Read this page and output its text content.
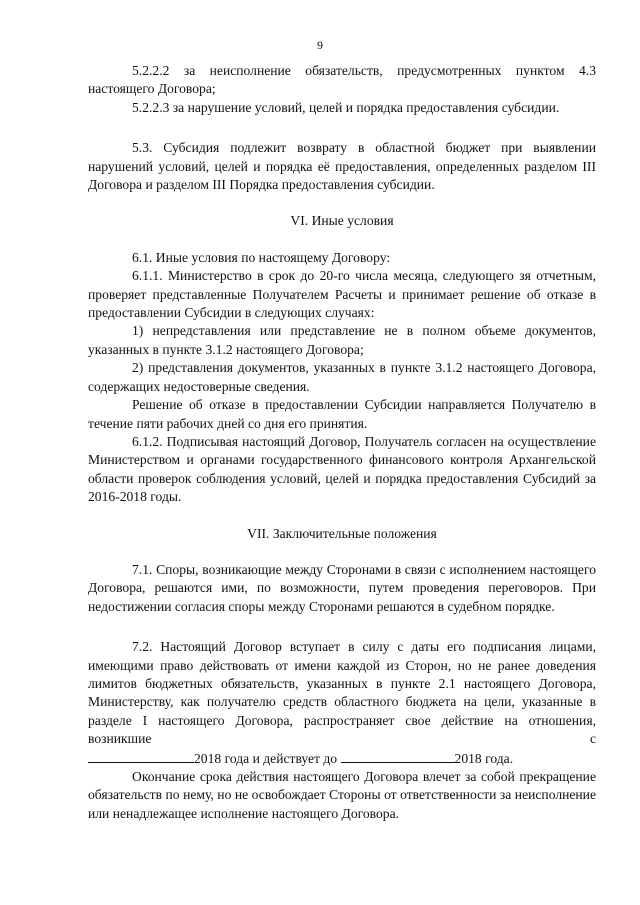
9

5.2.2.2 за неисполнение обязательств, предусмотренных пунктом 4.3 настоящего Договора;

5.2.2.3 за нарушение условий, целей и порядка предоставления субсидии.

5.3. Субсидия подлежит возврату в областной бюджет при выявлении нарушений условий, целей и порядка её предоставления, определенных разделом III Договора и разделом III Порядка предоставления субсидии.

VI. Иные условия

6.1. Иные условия по настоящему Договору:

6.1.1. Министерство в срок до 20-го числа месяца, следующего зя отчетным, проверяет представленные Получателем Расчеты и принимает решение об отказе в предоставлении Субсидии в следующих случаях:

1) непредставления или представление не в полном объеме документов, указанных в пункте 3.1.2 настоящего Договора;

2) представления документов, указанных в пункте 3.1.2 настоящего Договора, содержащих недостоверные сведения.

Решение об отказе в предоставлении Субсидии направляется Получателю в течение пяти рабочих дней со дня его принятия.

6.1.2. Подписывая настоящий Договор, Получатель согласен на осуществление Министерством и органами государственного финансового контроля Архангельской области проверок соблюдения условий, целей и порядка предоставления Субсидий за 2016-2018 годы.

VII. Заключительные положения

7.1. Споры, возникающие между Сторонами в связи с исполнением настоящего Договора, решаются ими, по возможности, путем проведения переговоров. При недостижении согласия споры между Сторонами решаются в судебном порядке.

7.2. Настоящий Договор вступает в силу с даты его подписания лицами, имеющими право действовать от имени каждой из Сторон, но не ранее доведения лимитов бюджетных обязательств, указанных в пункте 2.1 настоящего Договора, Министерству, как получателю средств областного бюджета на цели, указанные в разделе I настоящего Договора, распространяет свое действие на отношения, возникшие с

2018 года и действует до	2018 года.

Окончание срока действия настоящего Договора влечет за собой прекращение обязательств по нему, но не освобождает Стороны от ответственности за неисполнение или ненадлежащее исполнение настоящего Договора.
